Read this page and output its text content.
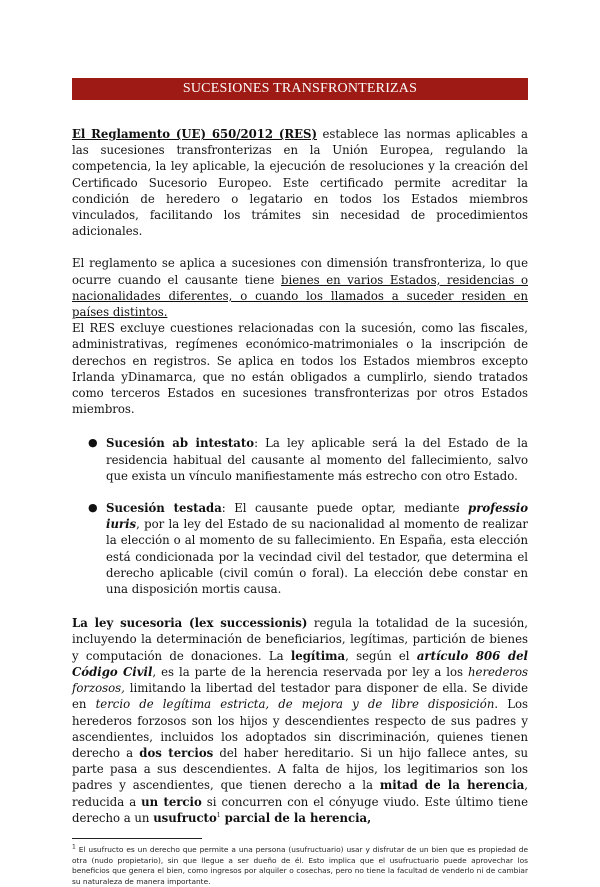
SUCESIONES TRANSFRONTERIZAS

El Reglamento (UE) 650/2012 (RES) establece las normas aplicables a las sucesiones transfronterizas en la Unión Europea, regulando la competencia, la ley aplicable, la ejecución de resoluciones y la creación del Certificado Sucesorio Europeo. Este certificado permite acreditar la condición de heredero o legatario en todos los Estados miembros vinculados, facilitando los trámites sin necesidad de procedimientos adicionales.

El reglamento se aplica a sucesiones con dimensión transfronteriza, lo que ocurre cuando el causante tiene bienes en varios Estados, residencias o nacionalidades diferentes, o cuando los llamados a suceder residen en países distintos.
El RES excluye cuestiones relacionadas con la sucesión, como las fiscales, administrativas, regímenes económico-matrimoniales o la inscripción de derechos en registros. Se aplica en todos los Estados miembros excepto Irlanda yDinamarca, que no están obligados a cumplirlo, siendo tratados como terceros Estados en sucesiones transfronterizas por otros Estados miembros.

● Sucesión ab intestato: La ley aplicable será la del Estado de la residencia habitual del causante al momento del fallecimiento, salvo que exista un vínculo manifiestamente más estrecho con otro Estado.
● Sucesión testada: El causante puede optar, mediante professio iuris, por la ley del Estado de su nacionalidad al momento de realizar la elección o al momento de su fallecimiento. En España, esta elección está condicionada por la vecindad civil del testador, que determina el derecho aplicable (civil común o foral). La elección debe constar en una disposición mortis causa.

La ley sucesoria (lex successionis) regula la totalidad de la sucesión, incluyendo la determinación de beneficiarios, legítimas, partición de bienes y computación de donaciones. La legítima, según el artículo 806 del Código Civil, es la parte de la herencia reservada por ley a los herederos forzosos, limitando la libertad del testador para disponer de ella. Se divide en tercio de legítima estricta, de mejora y de libre disposición. Los herederos forzosos son los hijos y descendientes respecto de sus padres y ascendientes, incluidos los adoptados sin discriminación, quienes tienen derecho a dos tercios del haber hereditario. Si un hijo fallece antes, su parte pasa a sus descendientes. A falta de hijos, los legitimarios son los padres y ascendientes, que tienen derecho a la mitad de la herencia, reducida a un tercio si concurren con el cónyuge viudo. Este último tiene derecho a un usufructo$^1$ parcial de la herencia,

$^1$ El usufructo es un derecho que permite a una persona (usufructuario) usar y disfrutar de un bien que es propiedad de otra (nudo propietario), sin que llegue a ser dueño de él. Esto implica que el usufructuario puede aprovechar los beneficios que genera el bien, como ingresos por alquiler o cosechas, pero no tiene la facultad de venderlo ni de cambiar su naturaleza de manera importante.
